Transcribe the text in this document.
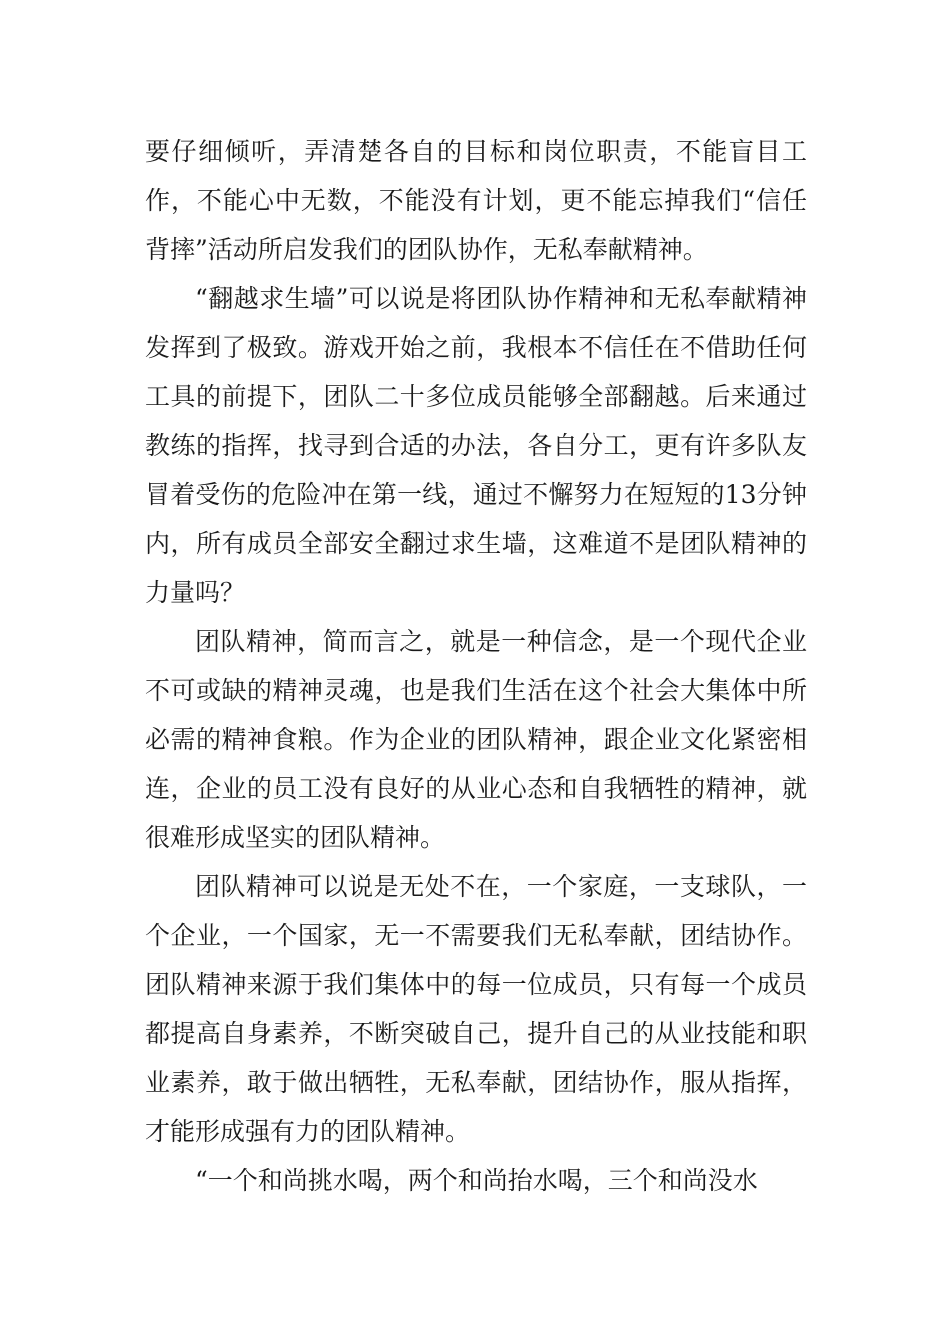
要仔细倾听，弄清楚各自的目标和岗位职责，不能盲目工作，不能心中无数，不能没有计划，更不能忘掉我们“信任背摔”活动所启发我们的团队协作，无私奉献精神。

“翻越求生墙”可以说是将团队协作精神和无私奉献精神发挥到了极致。游戏开始之前，我根本不信任在不借助任何工具的前提下，团队二十多位成员能够全部翻越。后来通过教练的指挥，找寻到合适的办法，各自分工，更有许多队友冒着受伤的危险冲在第一线，通过不懈努力在短短的13分钟内，所有成员全部安全翻过求生墙，这难道不是团队精神的力量吗？

团队精神，简而言之，就是一种信念，是一个现代企业不可或缺的精神灵魂，也是我们生活在这个社会大集体中所必需的精神食粮。作为企业的团队精神，跟企业文化紧密相连，企业的员工没有良好的从业心态和自我牺牲的精神，就很难形成坚实的团队精神。

团队精神可以说是无处不在，一个家庭，一支球队，一个企业，一个国家，无一不需要我们无私奉献，团结协作。团队精神来源于我们集体中的每一位成员，只有每一个成员都提高自身素养，不断突破自己，提升自己的从业技能和职业素养，敢于做出牺牲，无私奉献，团结协作，服从指挥，才能形成强有力的团队精神。

“一个和尚挑水喝，两个和尚抬水喝，三个和尚没水
